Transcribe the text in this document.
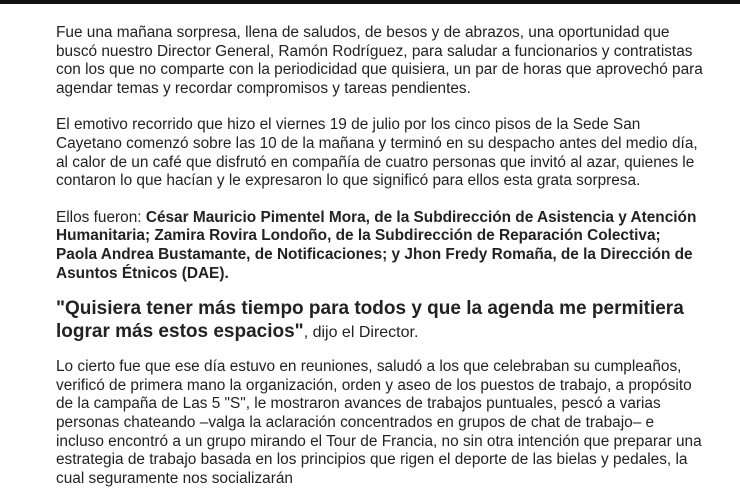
Fue una mañana sorpresa, llena de saludos, de besos y de abrazos, una oportunidad que buscó nuestro Director General, Ramón Rodríguez, para saludar a funcionarios y contratistas con los que no comparte con la periodicidad que quisiera, un par de horas que aprovechó para agendar temas y recordar compromisos y tareas pendientes.

El emotivo recorrido que hizo el viernes 19 de julio por los cinco pisos de la Sede San Cayetano comenzó sobre las 10 de la mañana y terminó en su despacho antes del medio día, al calor de un café que disfrutó en compañía de cuatro personas que invitó al azar, quienes le contaron lo que hacían y le expresaron lo que significó para ellos esta grata sorpresa.

Ellos fueron: César Mauricio Pimentel Mora, de la Subdirección de Asistencia y Atención Humanitaria; Zamira Rovira Londoño, de la Subdirección de Reparación Colectiva; Paola Andrea Bustamante, de Notificaciones; y Jhon Fredy Romaña, de la Dirección de Asuntos Étnicos (DAE).

"Quisiera tener más tiempo para todos y que la agenda me permitiera lograr más estos espacios", dijo el Director.

Lo cierto fue que ese día estuvo en reuniones, saludó a los que celebraban su cumpleaños, verificó de primera mano la organización, orden y aseo de los puestos de trabajo, a propósito de la campaña de Las 5 "S", le mostraron avances de trabajos puntuales, pescó a varias personas chateando –valga la aclaración concentrados en grupos de chat de trabajo– e incluso encontró a un grupo mirando el Tour de Francia, no sin otra intención que preparar una estrategia de trabajo basada en los principios que rigen el deporte de las bielas y pedales, la cual seguramente nos socializarán
